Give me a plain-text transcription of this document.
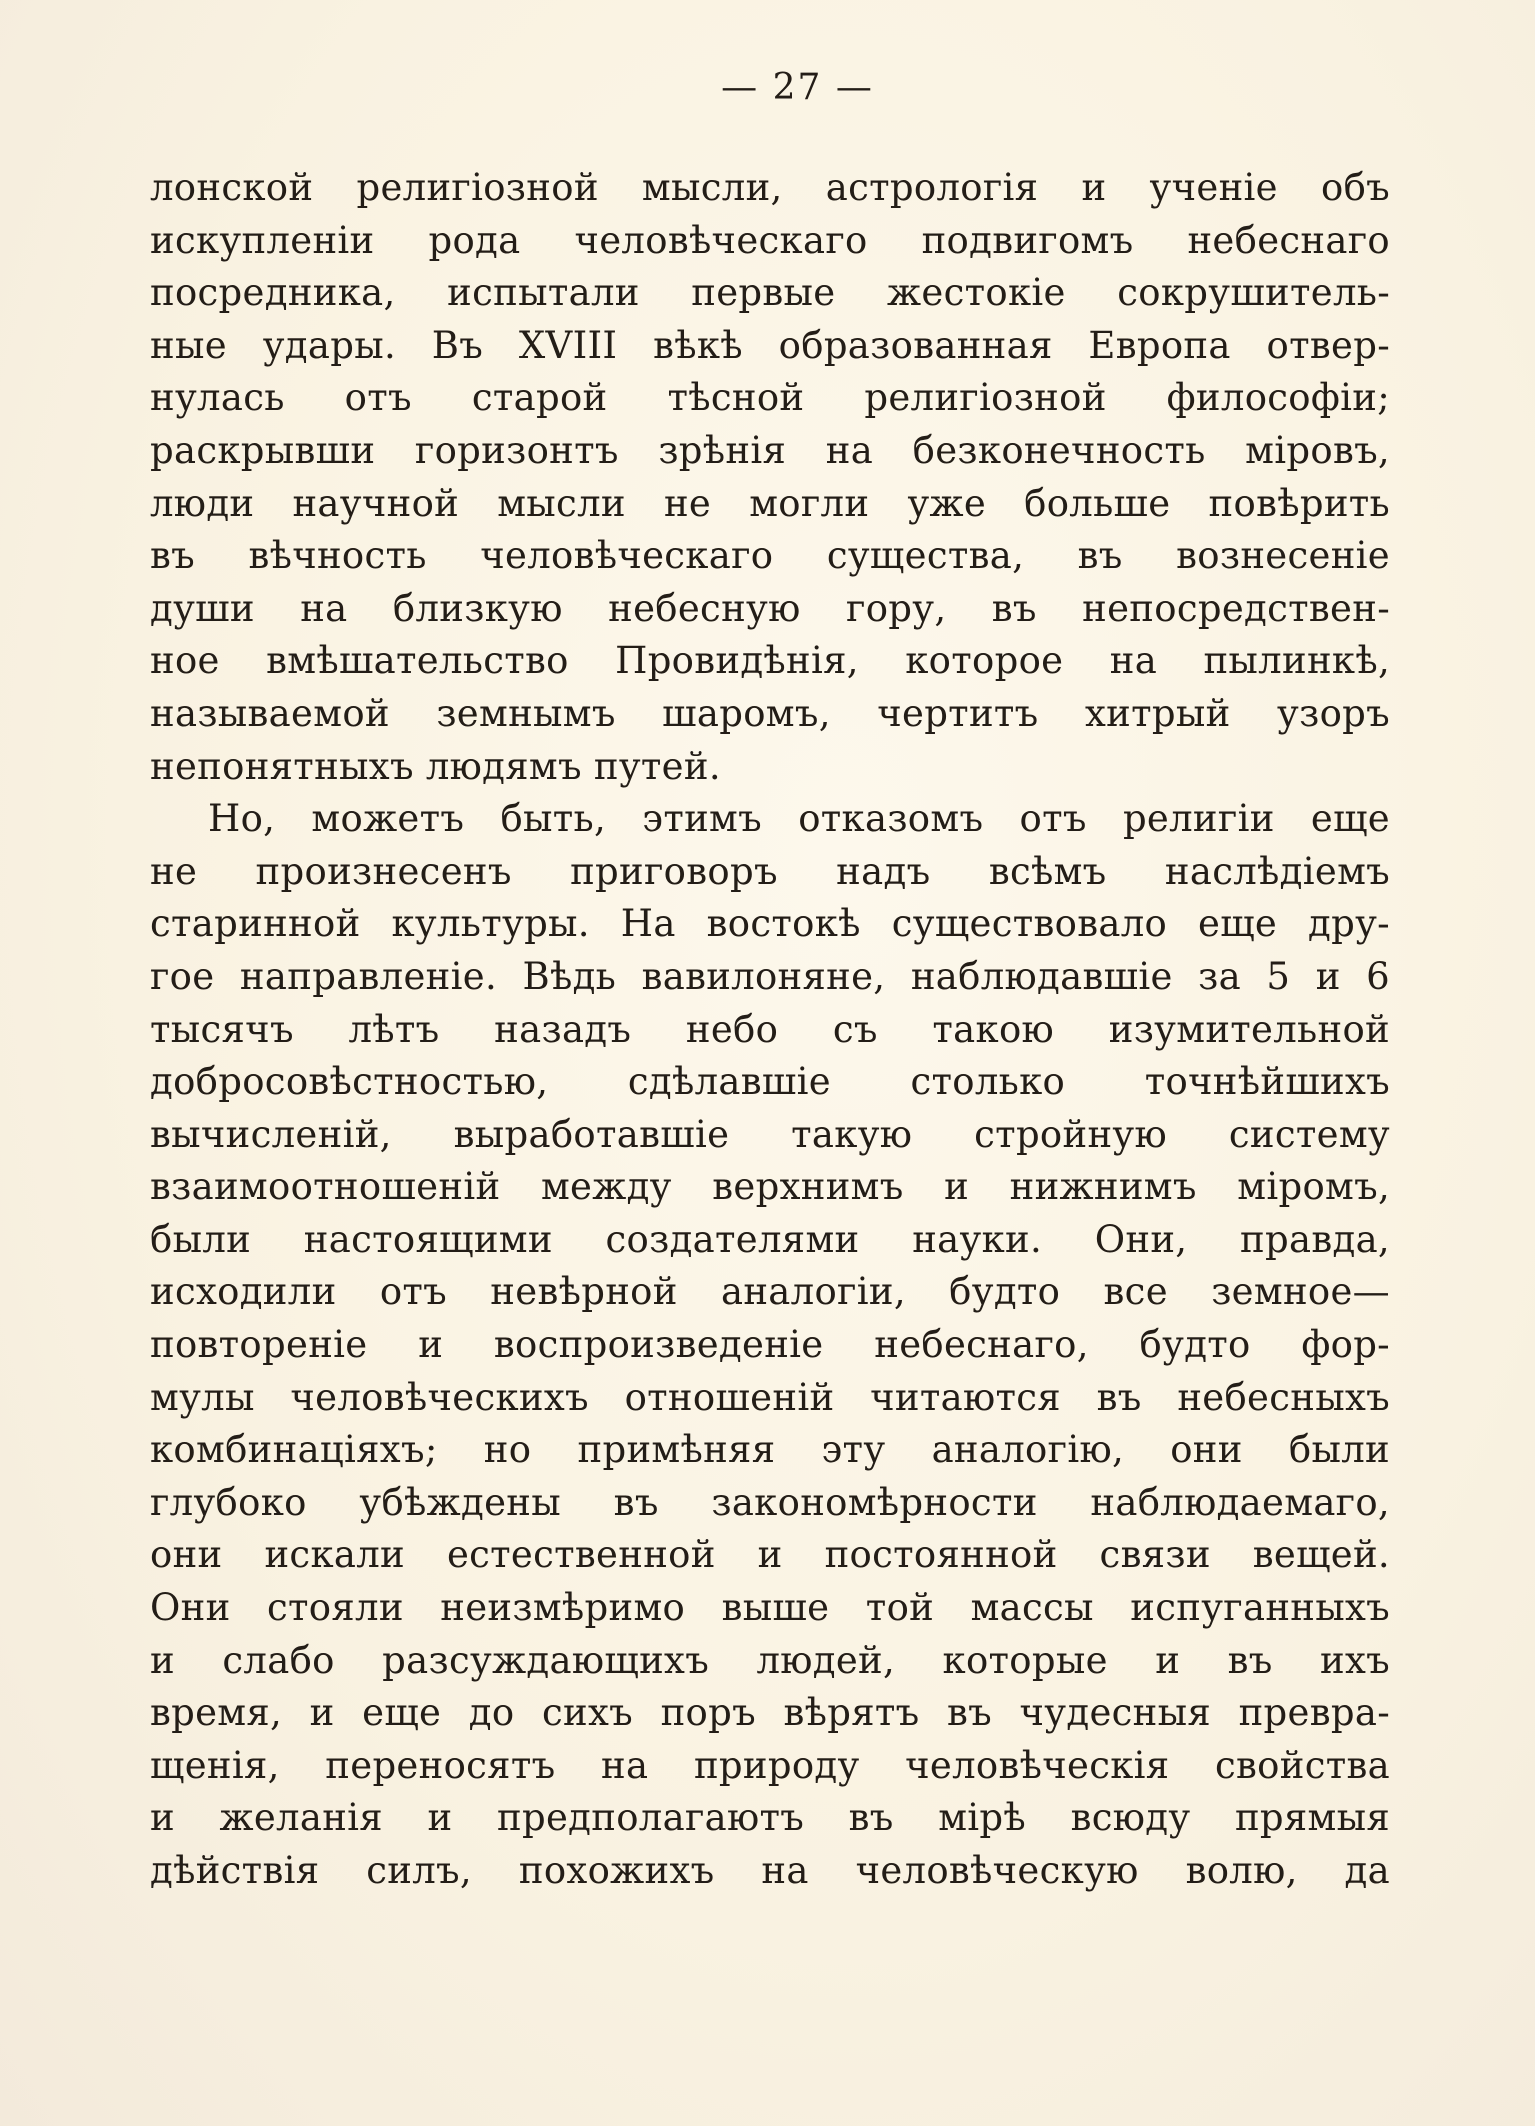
— 27 —
лонской религіозной мысли, астрологія и ученіе объ
искупленіи рода человѣческаго подвигомъ небеснаго
посредника, испытали первые жестокіе сокрушитель-
ные удары. Въ XVIII вѣкѣ образованная Европа отвер-
нулась отъ старой тѣсной религіозной философіи;
раскрывши горизонтъ зрѣнія на безконечность міровъ,
люди научной мысли не могли уже больше повѣрить
въ вѣчность человѣческаго существа, въ вознесеніе
души на близкую небесную гору, въ непосредствен-
ное вмѣшательство Провидѣнія, которое на пылинкѣ,
называемой земнымъ шаромъ, чертитъ хитрый узоръ
непонятныхъ людямъ путей.
Но, можетъ быть, этимъ отказомъ отъ религіи еще
не произнесенъ приговоръ надъ всѣмъ наслѣдіемъ
старинной культуры. На востокѣ существовало еще дру-
гое направленіе. Вѣдь вавилоняне, наблюдавшіе за 5 и 6
тысячъ лѣтъ назадъ небо съ такою изумительной
добросовѣстностью, сдѣлавшіе столько точнѣйшихъ
вычисленій, выработавшіе такую стройную систему
взаимоотношеній между верхнимъ и нижнимъ міромъ,
были настоящими создателями науки. Они, правда,
исходили отъ невѣрной аналогіи, будто все земное—
повтореніе и воспроизведеніе небеснаго, будто фор-
мулы человѣческихъ отношеній читаются въ небесныхъ
комбинаціяхъ; но примѣняя эту аналогію, они были
глубоко убѣждены въ закономѣрности наблюдаемаго,
они искали естественной и постоянной связи вещей.
Они стояли неизмѣримо выше той массы испуганныхъ
и слабо разсуждающихъ людей, которые и въ ихъ
время, и еще до сихъ поръ вѣрятъ въ чудесныя превра-
щенія, переносятъ на природу человѣческія свойства
и желанія и предполагаютъ въ мірѣ всюду прямыя
дѣйствія силъ, похожихъ на человѣческую волю, да
